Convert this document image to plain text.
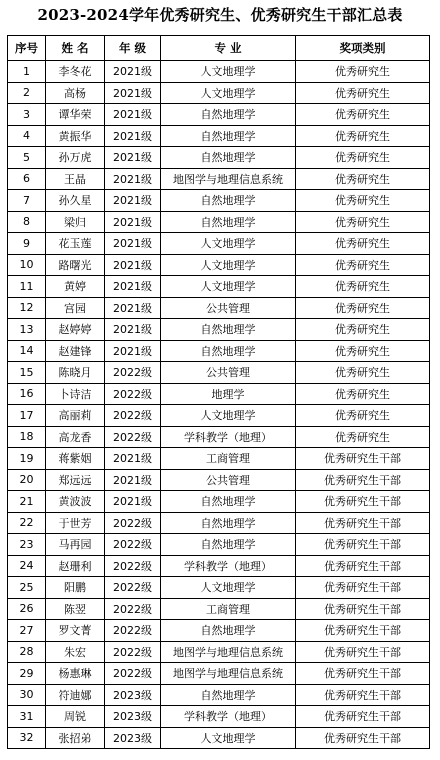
2023-2024学年优秀研究生、优秀研究生干部汇总表
序号	姓 名	年 级	专 业	奖项类别
1	李冬花	2021级	人文地理学	优秀研究生
2	高杨	2021级	人文地理学	优秀研究生
3	谭华荣	2021级	自然地理学	优秀研究生
4	黄振华	2021级	自然地理学	优秀研究生
5	孙万虎	2021级	自然地理学	优秀研究生
6	王晶	2021级	地图学与地理信息系统	优秀研究生
7	孙久星	2021级	自然地理学	优秀研究生
8	梁归	2021级	自然地理学	优秀研究生
9	花玉莲	2021级	人文地理学	优秀研究生
10	路曙光	2021级	人文地理学	优秀研究生
11	黄婷	2021级	人文地理学	优秀研究生
12	宫园	2021级	公共管理	优秀研究生
13	赵婷婷	2021级	自然地理学	优秀研究生
14	赵建锋	2021级	自然地理学	优秀研究生
15	陈晓月	2022级	公共管理	优秀研究生
16	卜诗洁	2022级	地理学	优秀研究生
17	高丽莉	2022级	人文地理学	优秀研究生
18	高龙香	2022级	学科教学（地理）	优秀研究生
19	蒋紫姻	2021级	工商管理	优秀研究生干部
20	郑远远	2021级	公共管理	优秀研究生干部
21	黄波波	2021级	自然地理学	优秀研究生干部
22	于世芳	2022级	自然地理学	优秀研究生干部
23	马再园	2022级	自然地理学	优秀研究生干部
24	赵珊利	2022级	学科教学（地理）	优秀研究生干部
25	阳鹏	2022级	人文地理学	优秀研究生干部
26	陈翌	2022级	工商管理	优秀研究生干部
27	罗文菁	2022级	自然地理学	优秀研究生干部
28	朱宏	2022级	地图学与地理信息系统	优秀研究生干部
29	杨惠琳	2022级	地图学与地理信息系统	优秀研究生干部
30	符迪娜	2023级	自然地理学	优秀研究生干部
31	周锐	2023级	学科教学（地理）	优秀研究生干部
32	张招弟	2023级	人文地理学	优秀研究生干部
